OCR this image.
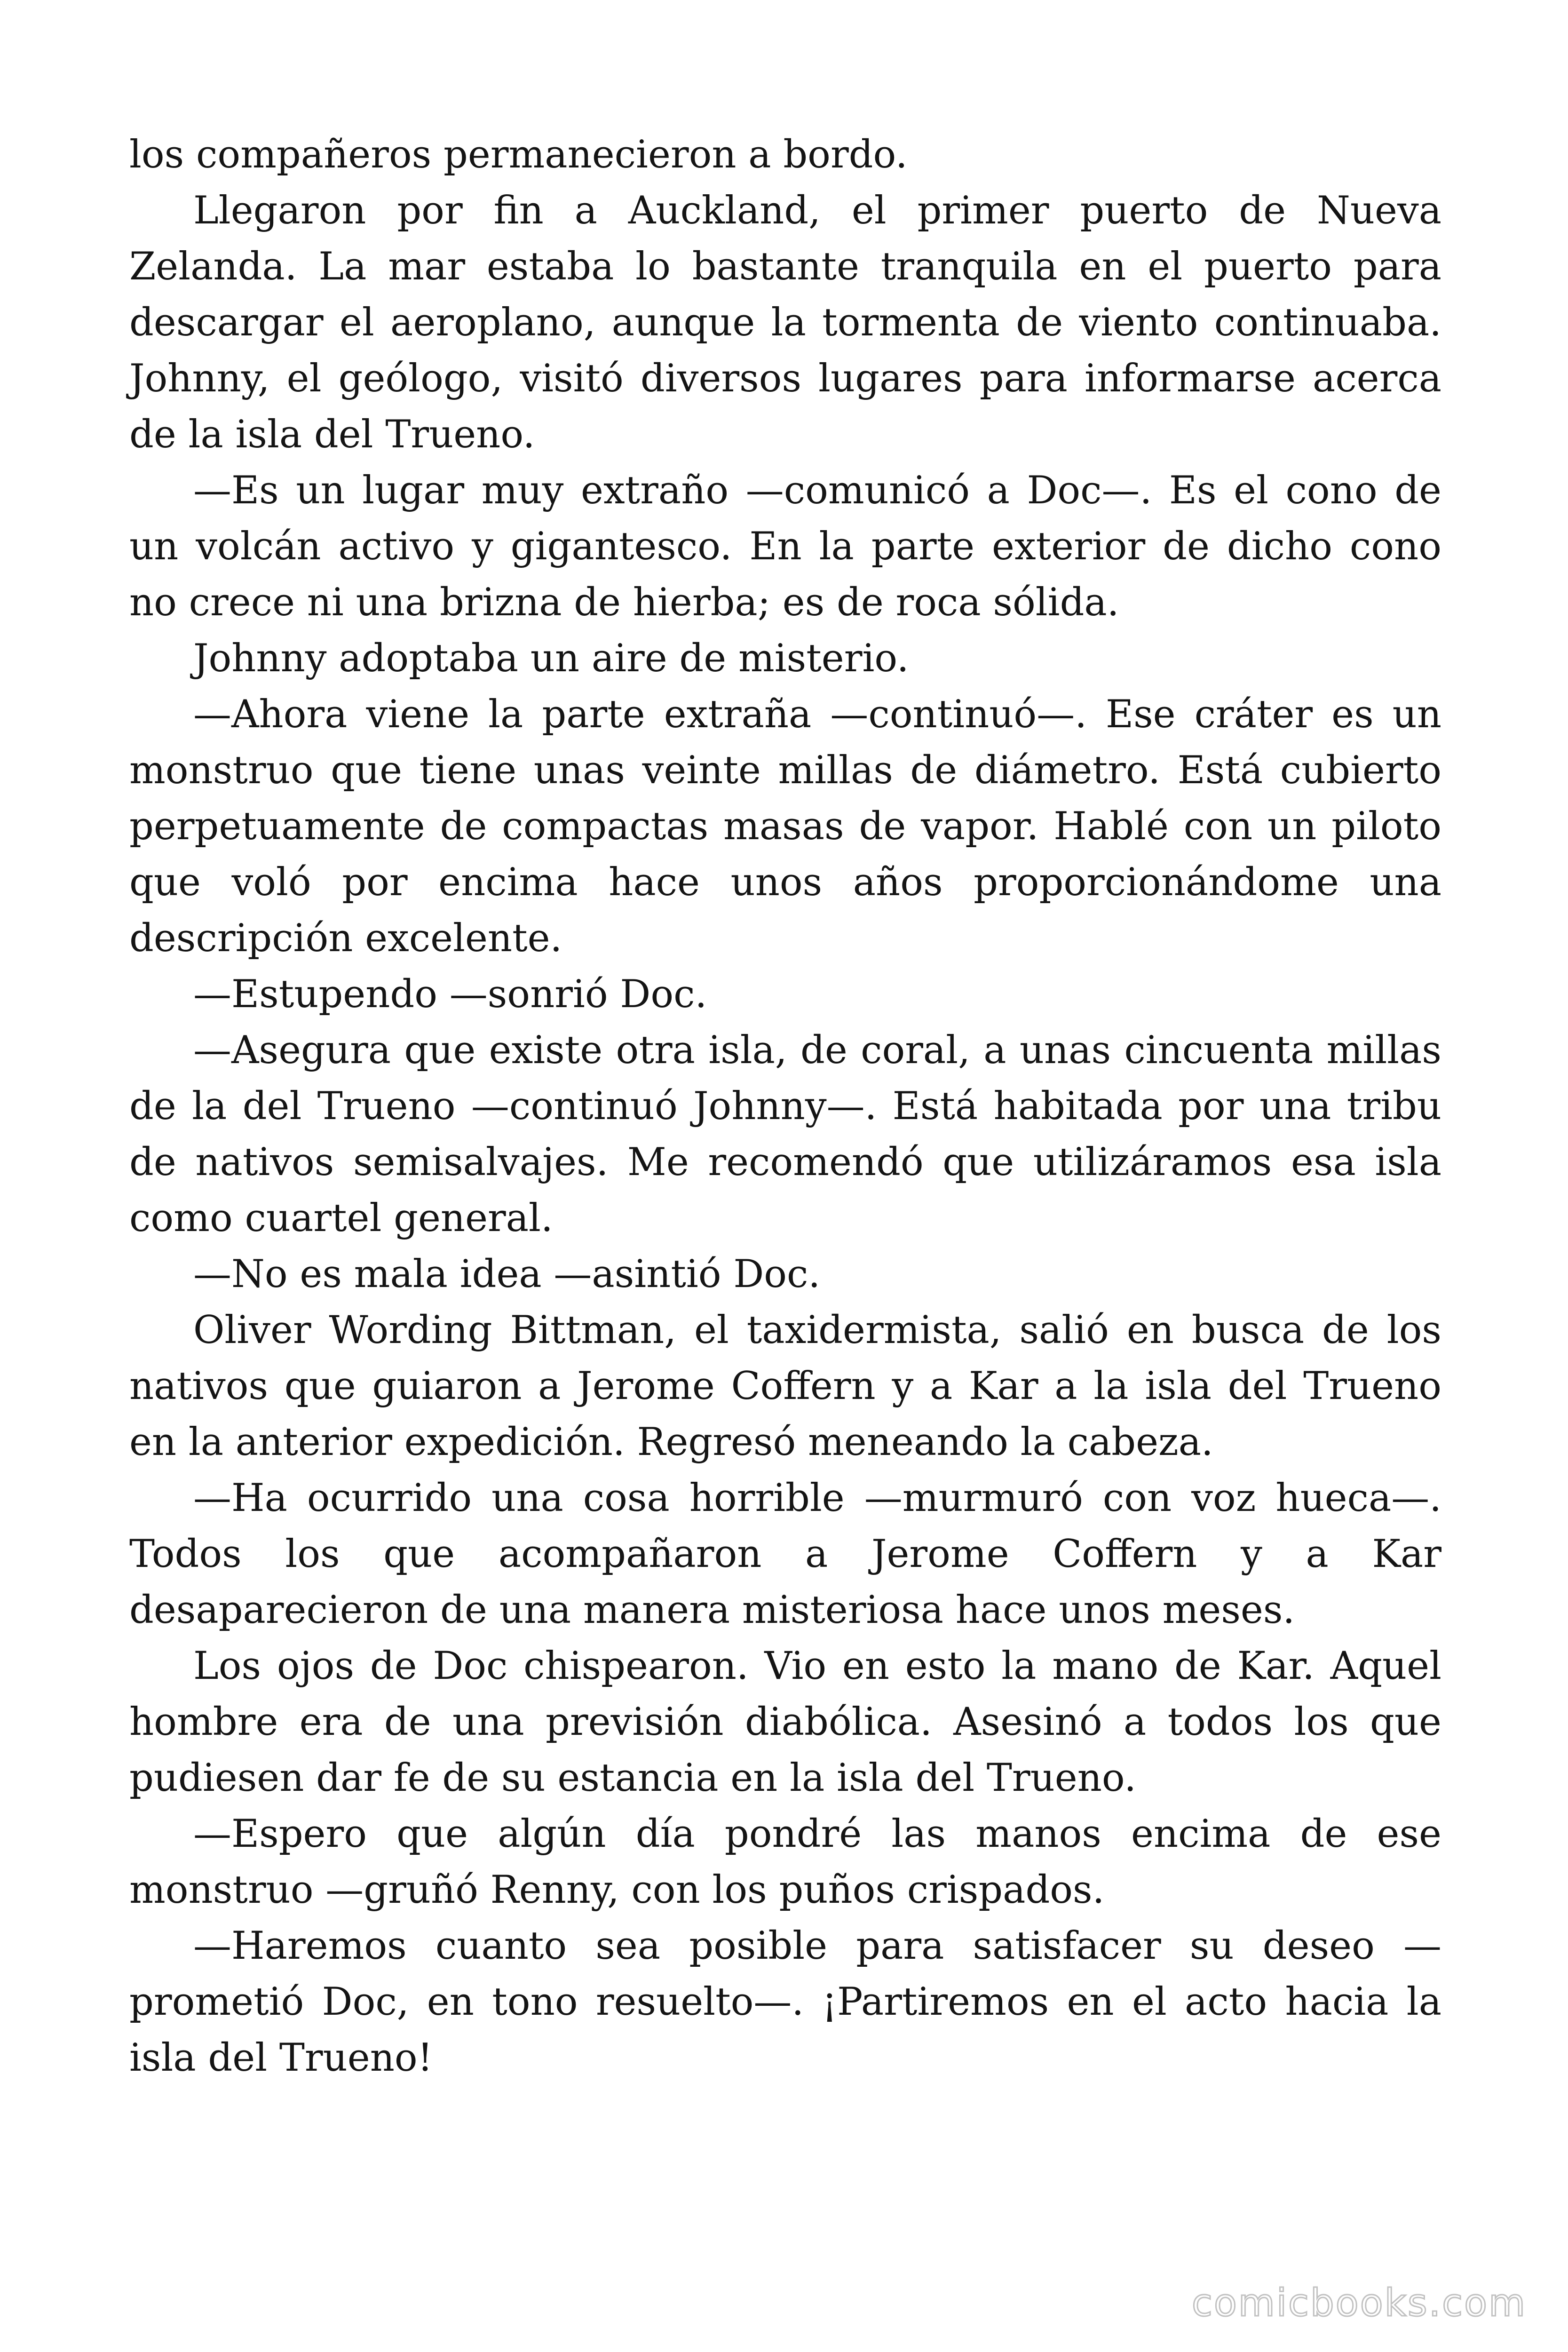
los compañeros permanecieron a bordo.

Llegaron por fin a Auckland, el primer puerto de Nueva Zelanda. La mar estaba lo bastante tranquila en el puerto para descargar el aeroplano, aunque la tormenta de viento continuaba. Johnny, el geólogo, visitó diversos lugares para informarse acerca de la isla del Trueno.

—Es un lugar muy extraño —comunicó a Doc—. Es el cono de un volcán activo y gigantesco. En la parte exterior de dicho cono no crece ni una brizna de hierba; es de roca sólida.

Johnny adoptaba un aire de misterio.

—Ahora viene la parte extraña —continuó—. Ese cráter es un monstruo que tiene unas veinte millas de diámetro. Está cubierto perpetuamente de compactas masas de vapor. Hablé con un piloto que voló por encima hace unos años proporcionándome una descripción excelente.

—Estupendo —sonrió Doc.

—Asegura que existe otra isla, de coral, a unas cincuenta millas de la del Trueno —continuó Johnny—. Está habitada por una tribu de nativos semisalvajes. Me recomendó que utilizáramos esa isla como cuartel general.

—No es mala idea —asintió Doc.

Oliver Wording Bittman, el taxidermista, salió en busca de los nativos que guiaron a Jerome Coffern y a Kar a la isla del Trueno en la anterior expedición. Regresó meneando la cabeza.

—Ha ocurrido una cosa horrible —murmuró con voz hueca—. Todos los que acompañaron a Jerome Coffern y a Kar desaparecieron de una manera misteriosa hace unos meses.

Los ojos de Doc chispearon. Vio en esto la mano de Kar. Aquel hombre era de una previsión diabólica. Asesinó a todos los que pudiesen dar fe de su estancia en la isla del Trueno.

—Espero que algún día pondré las manos encima de ese monstruo —gruñó Renny, con los puños crispados.

—Haremos cuanto sea posible para satisfacer su deseo —prometió Doc, en tono resuelto—. ¡Partiremos en el acto hacia la isla del Trueno!

comicbooks.com
